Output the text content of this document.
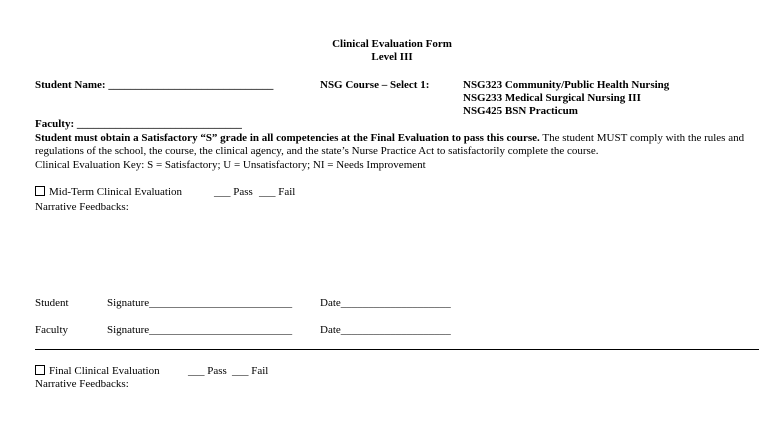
Clinical Evaluation Form
Level III
Student Name: ______________________________	NSG Course – Select 1:	NSG323 Community/Public Health Nursing
NSG233 Medical Surgical Nursing III
NSG425 BSN Practicum
Faculty: ______________________________
Student must obtain a Satisfactory “S” grade in all competencies at the Final Evaluation to pass this course. The student MUST comply with the rules and regulations of the school, the course, the clinical agency, and the state’s Nurse Practice Act to satisfactorily complete the course.
Clinical Evaluation Key: S = Satisfactory; U = Unsatisfactory; NI = Needs Improvement
Mid-Term Clinical Evaluation	___ Pass ___ Fail
Narrative Feedbacks:
Student	Signature__________________________	Date____________________
Faculty	Signature__________________________	Date____________________
Final Clinical Evaluation	___ Pass ___ Fail
Narrative Feedbacks:
